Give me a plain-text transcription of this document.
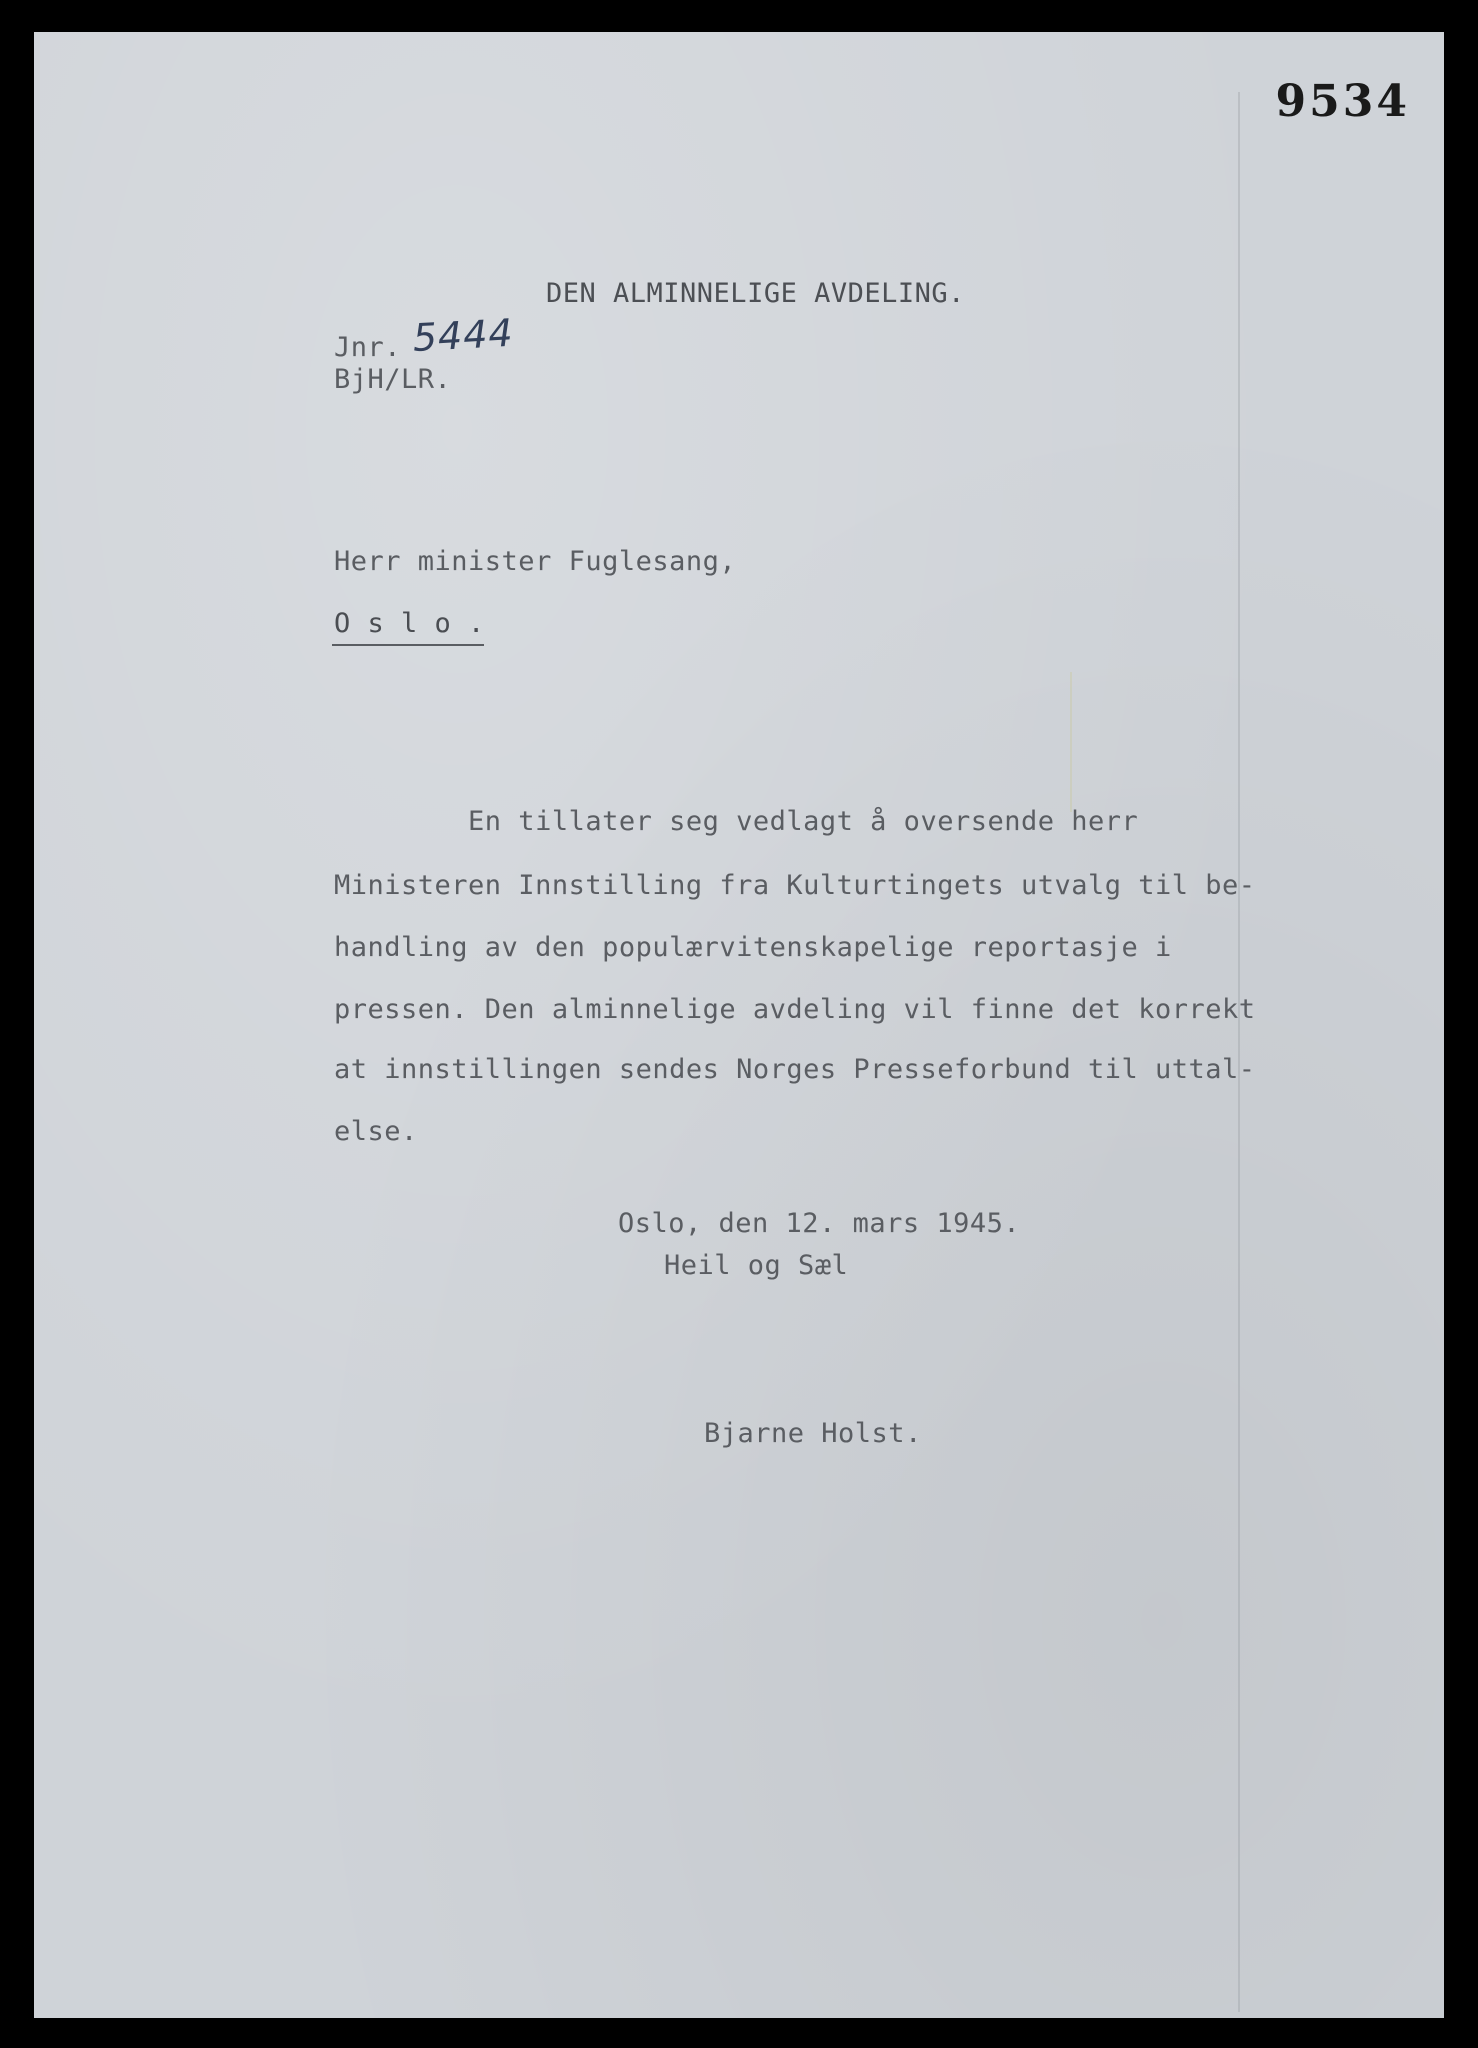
DEN ALMINNELIGE AVDELING.
Jnr. 5444
BjH/LR.
Herr minister Fuglesang,
O s l o .
En tillater seg vedlagt å oversende herr
Ministeren Innstilling fra Kulturtingets utvalg til be-
handling av den populærvitenskapelige reportasje i
pressen. Den alminnelige avdeling vil finne det korrekt
at innstillingen sendes Norges Presseforbund til uttal-
else.
Oslo, den 12. mars 1945.
Heil og Sæl
Bjarne Holst.
9534
